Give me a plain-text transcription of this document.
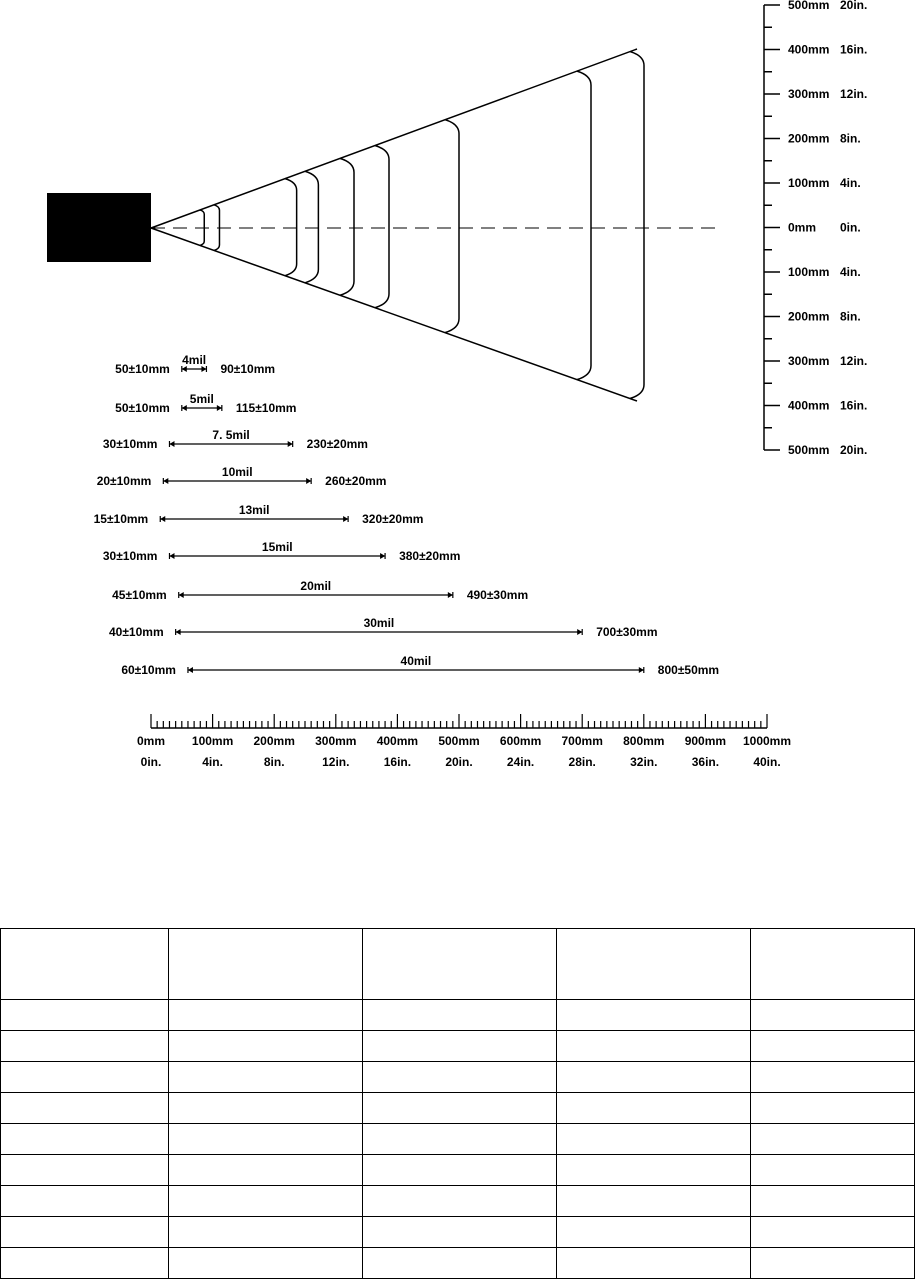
500mm 20in.
400mm 16in.
300mm 12in.
200mm 8in.
100mm 4in.
0mm 0in.
100mm 4in.
200mm 8in.
300mm 12in.
400mm 16in.
500mm 20in.
4mil
50±10mm	90±10mm
5mil
50±10mm	115±10mm
7. 5mil
30±10mm	230±20mm
10mil
20±10mm	260±20mm
13mil
15±10mm	320±20mm
15mil
30±10mm	380±20mm
20mil
45±10mm	490±30mm
30mil
40±10mm	700±30mm
40mil
60±10mm	800±50mm
0mm
0in.
100mm
4in.
200mm
8in.
300mm
12in.
400mm
16in.
500mm
20in.
600mm
24in.
700mm
28in.
800mm
32in.
900mm
36in.
1000mm
40in.
